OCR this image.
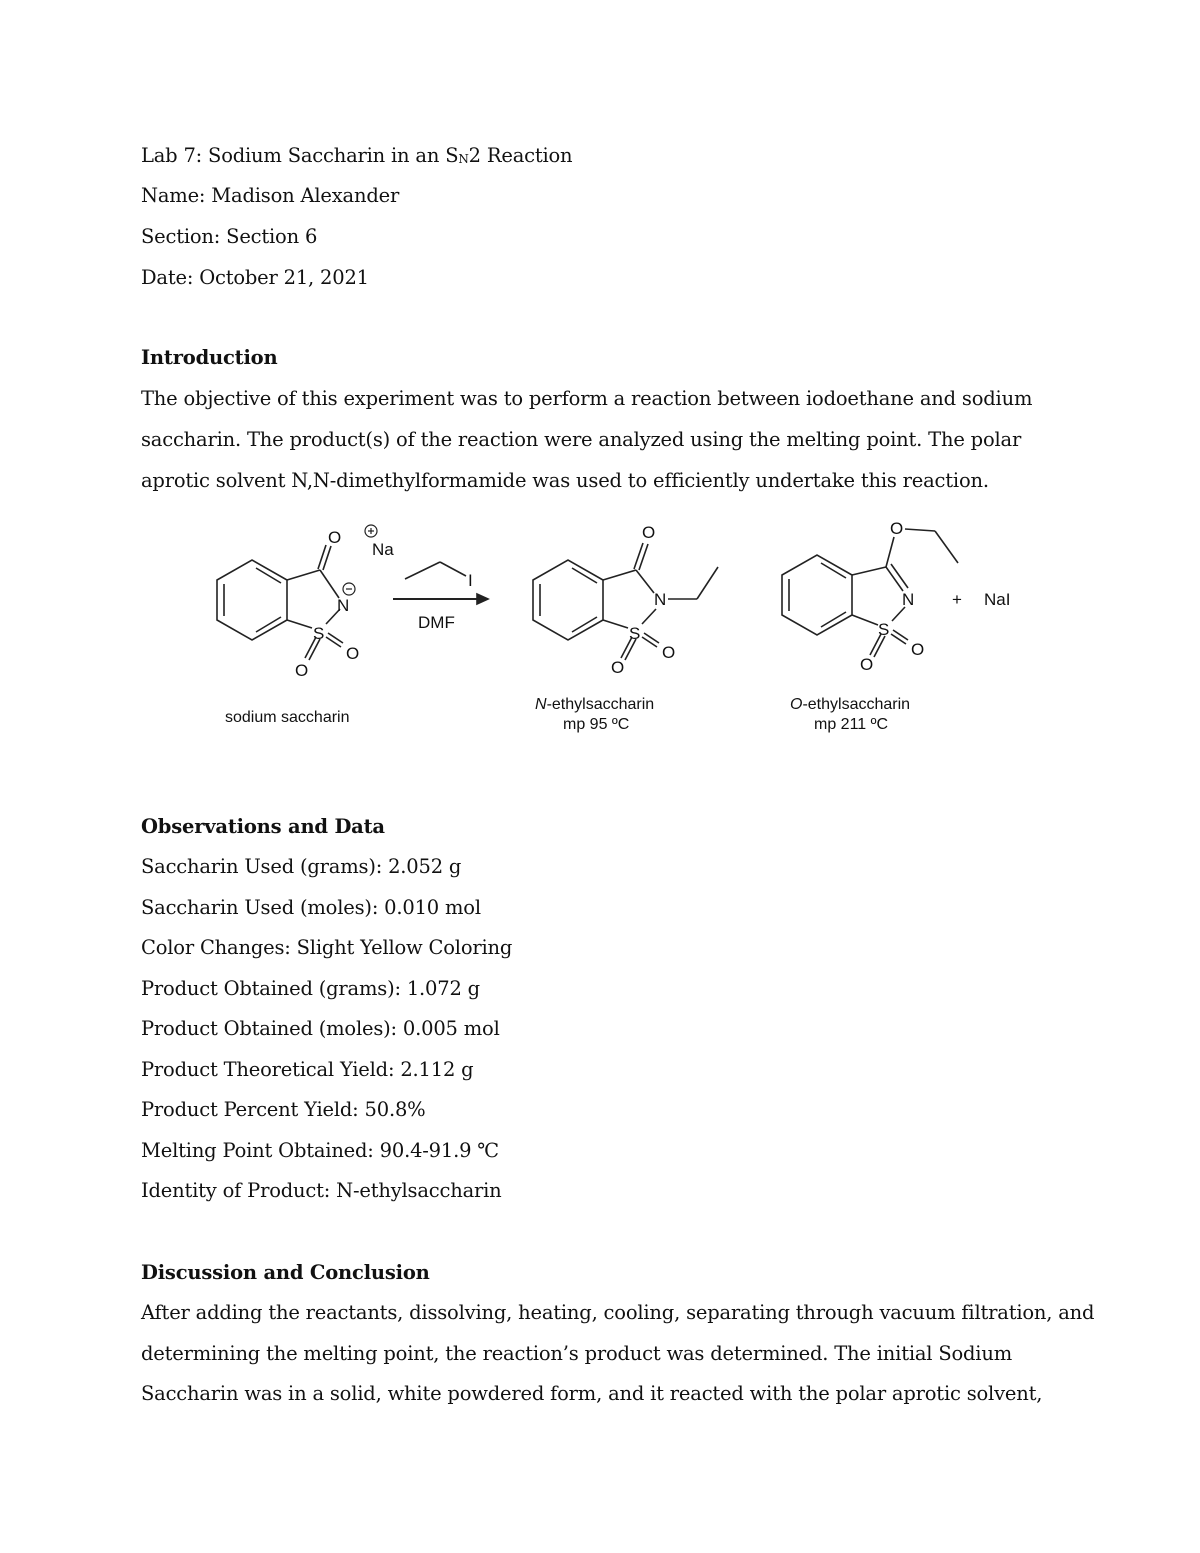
Lab 7: Sodium Saccharin in an SN2 Reaction
Name: Madison Alexander
Section: Section 6
Date: October 21, 2021
Introduction
The objective of this experiment was to perform a reaction between iodoethane and sodium
saccharin. The product(s) of the reaction were analyzed using the melting point. The polar
aprotic solvent N,N-dimethylformamide was used to efficiently undertake this reaction.
O
N
S
O
O
Na
I
DMF
sodium saccharin
O
N
S
O
O
N-ethylsaccharin
mp 95 ºC
O
N
S
O
O
+ NaI
O-ethylsaccharin
mp 211 ºC
Observations and Data
Saccharin Used (grams): 2.052 g
Saccharin Used (moles): 0.010 mol
Color Changes: Slight Yellow Coloring
Product Obtained (grams): 1.072 g
Product Obtained (moles): 0.005 mol
Product Theoretical Yield: 2.112 g
Product Percent Yield: 50.8%
Melting Point Obtained: 90.4-91.9 ℃
Identity of Product: N-ethylsaccharin
Discussion and Conclusion
After adding the reactants, dissolving, heating, cooling, separating through vacuum filtration, and
determining the melting point, the reaction’s product was determined. The initial Sodium
Saccharin was in a solid, white powdered form, and it reacted with the polar aprotic solvent,
